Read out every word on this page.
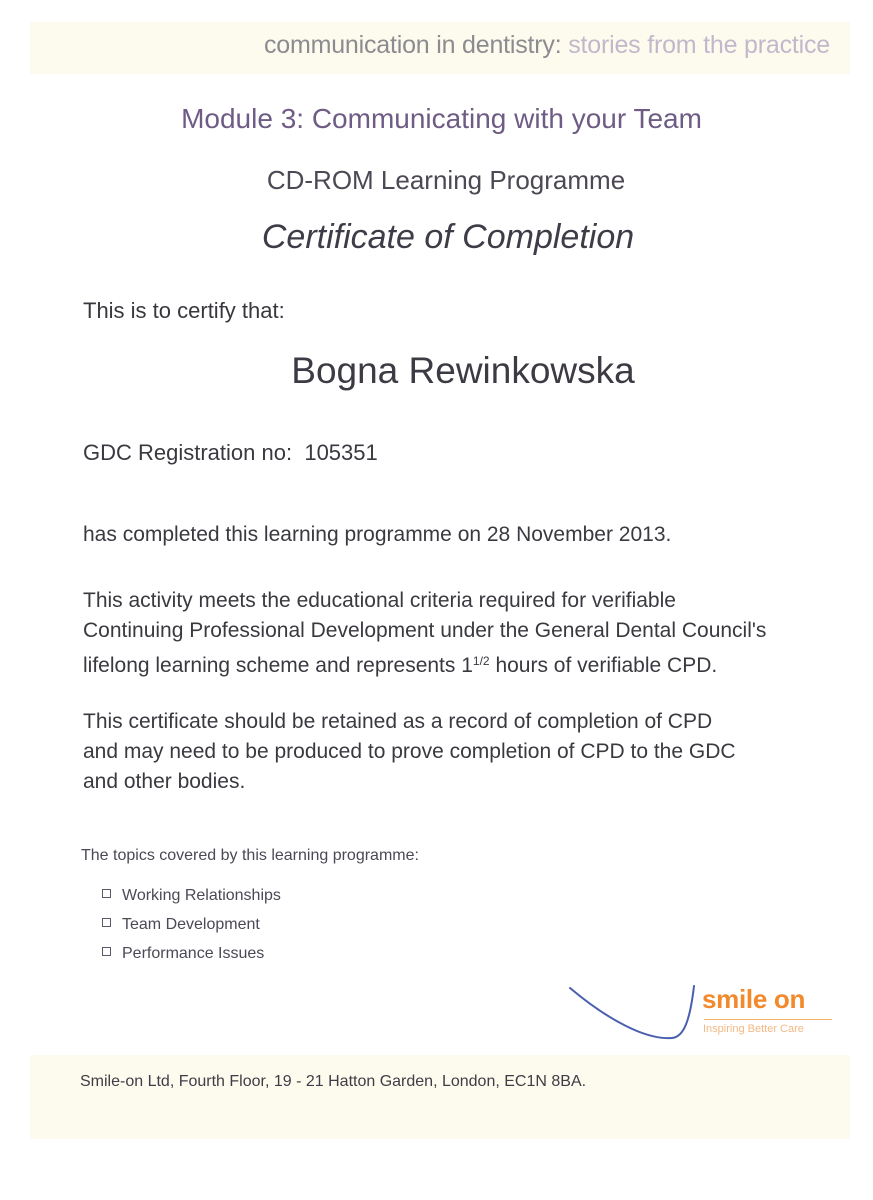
communication in dentistry: stories from the practice
Module 3: Communicating with your Team
CD-ROM Learning Programme
Certificate of Completion
This is to certify that:
Bogna Rewinkowska
GDC Registration no: 105351
has completed this learning programme on 28 November 2013.
This activity meets the educational criteria required for verifiable
Continuing Professional Development under the General Dental Council's
lifelong learning scheme and represents $1^{1/2}$ hours of verifiable CPD.
This certificate should be retained as a record of completion of CPD
and may need to be produced to prove completion of CPD to the GDC
and other bodies.
The topics covered by this learning programme:
Working Relationships
Team Development
Performance Issues
smile on
Inspiring Better Care
Smile-on Ltd, Fourth Floor, 19 - 21 Hatton Garden, London, EC1N 8BA.
